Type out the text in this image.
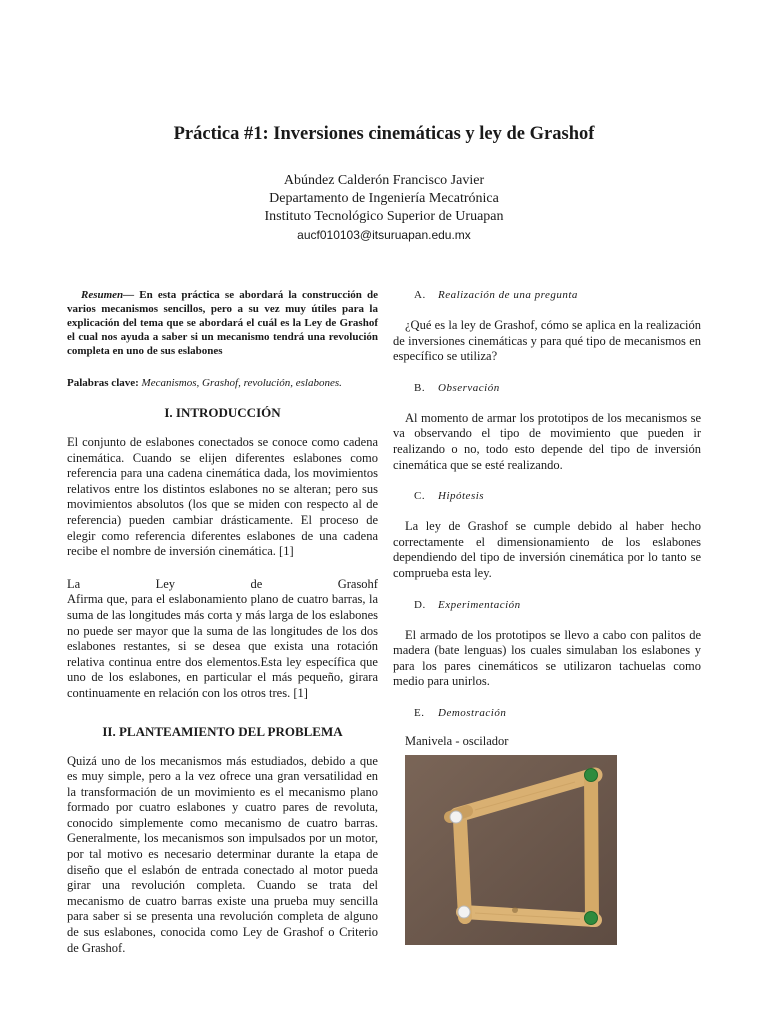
Práctica #1: Inversiones cinemáticas y ley de Grashof
Abúndez Calderón Francisco Javier
Departamento de Ingeniería Mecatrónica
Instituto Tecnológico Superior de Uruapan
aucf010103@itsuruapan.edu.mx

Resumen— En esta práctica se abordará la construcción de varios mecanismos sencillos, pero a su vez muy útiles para la explicación del tema que se abordará el cuál es la Ley de Grashof el cual nos ayuda a saber si un mecanismo tendrá una revolución completa en uno de sus eslabones

Palabras clave: Mecanismos, Grashof, revolución, eslabones.

I. INTRODUCCIÓN

El conjunto de eslabones conectados se conoce como cadena cinemática. Cuando se elijen diferentes eslabones como referencia para una cadena cinemática dada, los movimientos relativos entre los distintos eslabones no se alteran; pero sus movimientos absolutos (los que se miden con respecto al de referencia) pueden cambiar drásticamente. El proceso de elegir como referencia diferentes eslabones de una cadena recibe el nombre de inversión cinemática. [1]

La	Ley	de	Grasohf
Afirma que, para el eslabonamiento plano de cuatro barras, la suma de las longitudes más corta y más larga de los eslabones no puede ser mayor que la suma de las longitudes de los dos eslabones restantes, si se desea que exista una rotación relativa continua entre dos elementos.Esta ley específica que uno de los eslabones, en particular el más pequeño, girara continuamente en relación con los otros tres. [1]

II. PLANTEAMIENTO DEL PROBLEMA

Quizá uno de los mecanismos más estudiados, debido a que es muy simple, pero a la vez ofrece una gran versatilidad en la transformación de un movimiento es el mecanismo plano formado por cuatro eslabones y cuatro pares de revoluta, conocido simplemente como mecanismo de cuatro barras. Generalmente, los mecanismos son impulsados por un motor, por tal motivo es necesario determinar durante la etapa de diseño que el eslabón de entrada conectado al motor pueda girar una revolución completa. Cuando se trata del mecanismo de cuatro barras existe una prueba muy sencilla para saber si se presenta una revolución completa de alguno de sus eslabones, conocida como Ley de Grashof o Criterio de Grashof.

A. Realización de una pregunta

¿Qué es la ley de Grashof, cómo se aplica en la realización de inversiones cinemáticas y para qué tipo de mecanismos en específico se utiliza?

B. Observación

Al momento de armar los prototipos de los mecanismos se va observando el tipo de movimiento que pueden ir realizando o no, todo esto depende del tipo de inversión cinemática que se esté realizando.

C. Hipótesis

La ley de Grashof se cumple debido al haber hecho correctamente el dimensionamiento de los eslabones dependiendo del tipo de inversión cinemática por lo tanto se comprueba esta ley.

D. Experimentación

El armado de los prototipos se llevo a cabo con palitos de madera (bate lenguas) los cuales simulaban los eslabones y para los pares cinemáticos se utilizaron tachuelas como medio para unirlos.

E. Demostración
Manivela - oscilador
